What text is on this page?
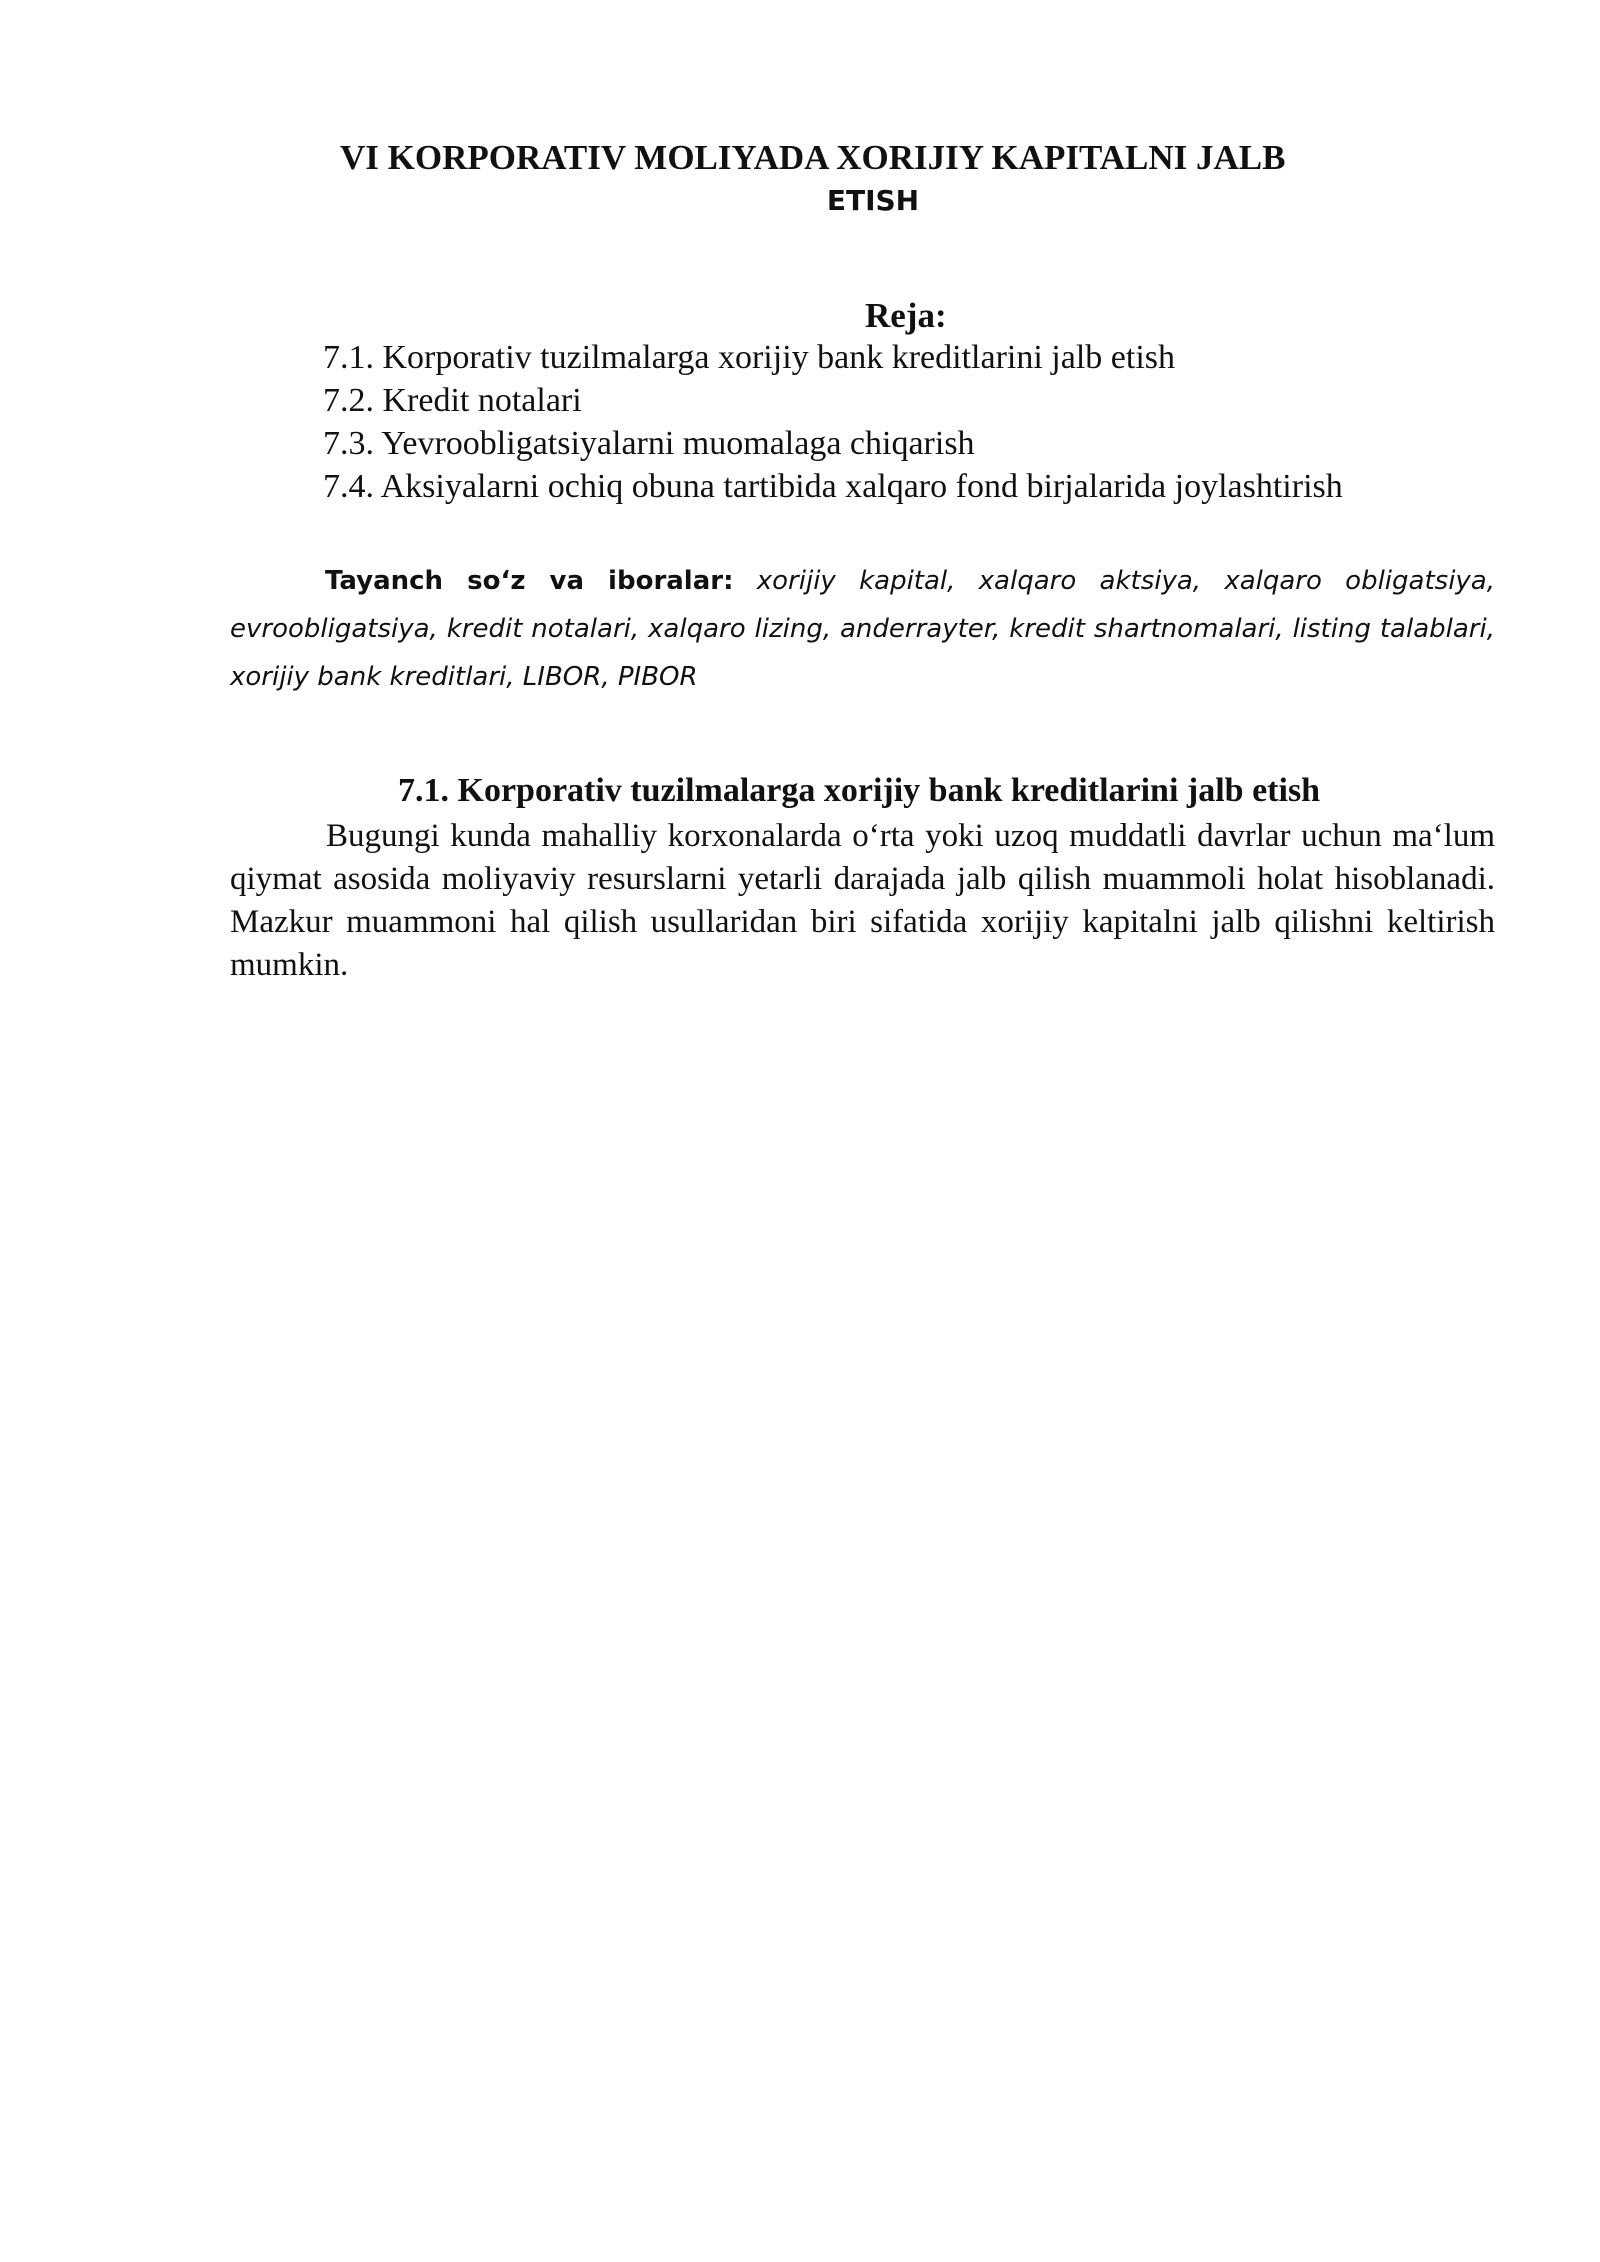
VI KORPORATIV MOLIYADA XORIJIY KAPITALNI JALB
ETISH
Reja:
7.1. Korporativ tuzilmalarga xorijiy bank kreditlarini jalb etish
7.2. Kredit notalari
7.3. Yevroobligatsiyalarni muomalaga chiqarish
7.4. Aksiyalarni ochiq obuna tartibida xalqaro fond birjalarida joylashtirish
Tayanch so‘z va iboralar: xorijiy kapital, xalqaro aktsiya, xalqaro obligatsiya, evroobligatsiya, kredit notalari, xalqaro lizing, anderrayter, kredit shartnomalari, listing talablari, xorijiy bank kreditlari, LIBOR, PIBOR
7.1. Korporativ tuzilmalarga xorijiy bank kreditlarini jalb etish
Bugungi kunda mahalliy korxonalarda o‘rta yoki uzoq muddatli davrlar uchun ma‘lum qiymat asosida moliyaviy resurslarni yetarli darajada jalb qilish muammoli holat hisoblanadi. Mazkur muammoni hal qilish usullaridan biri sifatida xorijiy kapitalni jalb qilishni keltirish mumkin.
